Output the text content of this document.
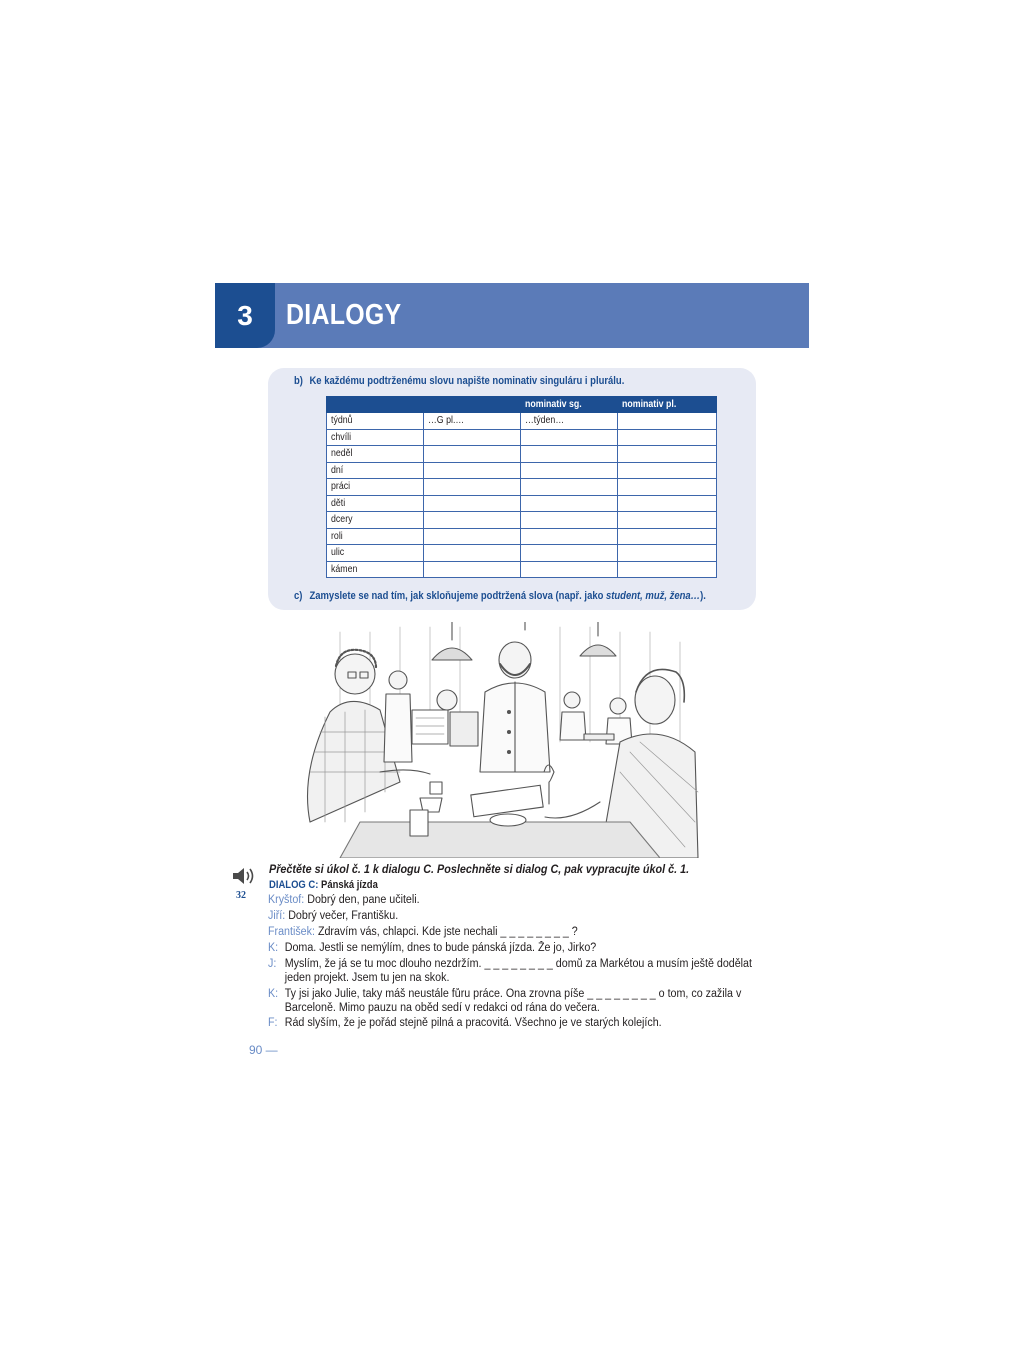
3	DIALOGY
b) Ke každému podtrženému slovu napište nominativ singuláru i plurálu.
		nominativ sg.	nominativ pl.
týdnů	…G pl.…	…týden…	
chvíli			
neděl			
dní			
práci			
děti			
dcery			
roli			
ulic			
kámen			
c) Zamyslete se nad tím, jak skloňujeme podtržená slova (např. jako student, muž, žena…).
32
Přečtěte si úkol č. 1 k dialogu C. Poslechněte si dialog C, pak vypracujte úkol č. 1.
DIALOG C: Pánská jízda
Kryštof: Dobrý den, pane učiteli.
Jiří: Dobrý večer, Františku.
František: Zdravím vás, chlapci. Kde jste nechali _ _ _ _ _ _ _ _ ?
K: Doma. Jestli se nemýlím, dnes to bude pánská jízda. Že jo, Jirko?
J: Myslím, že já se tu moc dlouho nezdržím. _ _ _ _ _ _ _ _ domů za Markétou a musím ještě dodělat jeden projekt. Jsem tu jen na skok.
K: Ty jsi jako Julie, taky máš neustále fůru práce. Ona zrovna píše _ _ _ _ _ _ _ _ o tom, co zažila v Barceloně. Mimo pauzu na oběd sedí v redakci od rána do večera.
F: Rád slyším, že je pořád stejně pilná a pracovitá. Všechno je ve starých kolejích.
90 —
